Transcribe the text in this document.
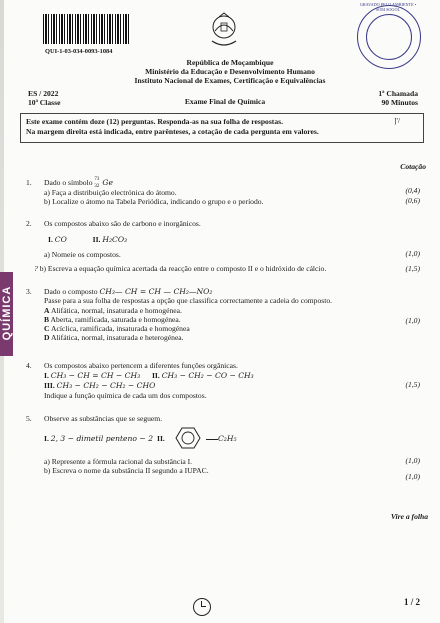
QUI-1-03-034-0093-1084
GRAVADO PELO AMBIENTE • SOM SOGOL
República de Moçambique
Ministério da Educação e Desenvolvimento Humano
Instituto Nacional de Exames, Certificação e Equivalências
ES / 2022
10ª Classe	Exame Final de Química
1ª Chamada
90 Minutos
Este exame contém doze (12) perguntas. Responda-as na sua folha de respostas.	]'/
Na margem direita está indicada, entre parênteses, a cotação de cada pergunta em valores.
QUÍMICA
Cotação
1. Dado o símbolo 73
32 Ge
a) Faça a distribuição electrónica do átomo.	(0,4)
b) Localize o átomo na Tabela Periódica, indicando o grupo e o período.	(0,6)
2. Os compostos abaixo são de carbono e inorgânicos.
I. CO	II. H₂CO₃
a) Nomeie os compostos.	(1,0)
? b) Escreva a equação química acertada da reacção entre o composto II e o hidróxido de cálcio.	(1,5)
3. Dado o composto CH₃— CH = CH — CH₂—NO₂
Passe para a sua folha de respostas a opção que classifica correctamente a cadeia do composto.
A Alifática, normal, insaturada e homogénea.
B Aberta, ramificada, saturada e homogénea.
C Acíclica, ramificada, insaturada e homogénea
D Alifática, normal, insaturada e heterogénea.
(1,0)
4. Os compostos abaixo pertencem a diferentes funções orgânicas.
I. CH₃ − CH = CH − CH₃ II. CH₃ − CH₂ − CO − CH₃
III. CH₃ − CH₂ − CH₂ − CHO
Indique a função química de cada um dos compostos.
(1,5)
5. Observe as substâncias que se seguem.
I. 2, 3 − dimetil penteno − 2 II.	C₂H₅
a) Represente a fórmula racional da substância I.	(1,0)
b) Escreva o nome da substância II segundo a IUPAC.
(1,0)
Vire a folha
1 / 2
